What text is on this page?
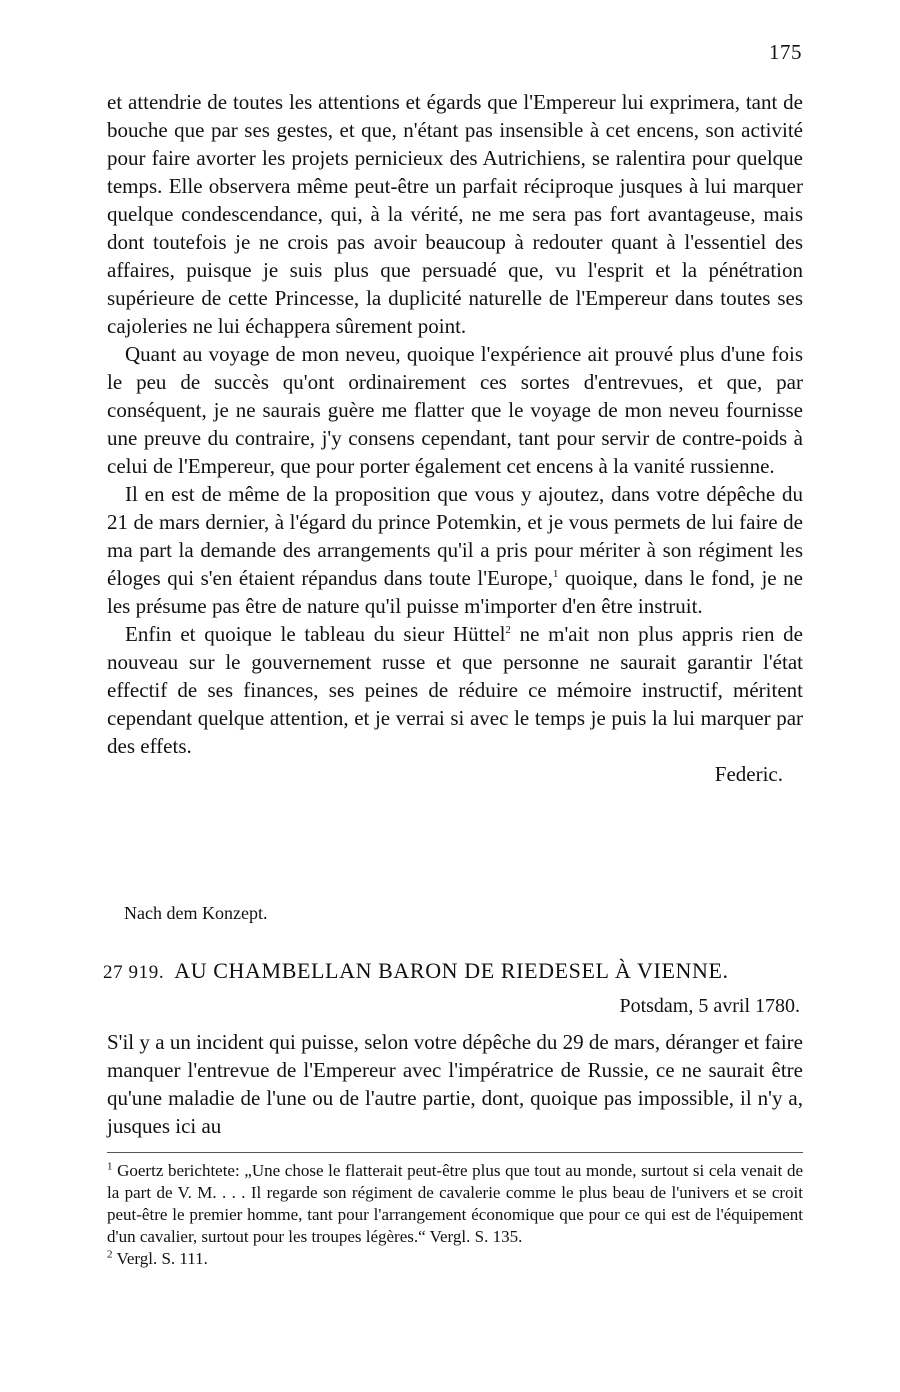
175

et attendrie de toutes les attentions et égards que l'Empereur lui exprimera, tant de bouche que par ses gestes, et que, n'étant pas insensible à cet encens, son activité pour faire avorter les projets pernicieux des Autrichiens, se ralentira pour quelque temps. Elle observera même peut-être un parfait réciproque jusques à lui marquer quelque condescendance, qui, à la vérité, ne me sera pas fort avantageuse, mais dont toutefois je ne crois pas avoir beaucoup à redouter quant à l'essentiel des affaires, puisque je suis plus que persuadé que, vu l'esprit et la pénétration supérieure de cette Princesse, la duplicité naturelle de l'Empereur dans toutes ses cajoleries ne lui échappera sûrement point.

Quant au voyage de mon neveu, quoique l'expérience ait prouvé plus d'une fois le peu de succès qu'ont ordinairement ces sortes d'entrevues, et que, par conséquent, je ne saurais guère me flatter que le voyage de mon neveu fournisse une preuve du contraire, j'y consens cependant, tant pour servir de contre-poids à celui de l'Empereur, que pour porter également cet encens à la vanité russienne.

Il en est de même de la proposition que vous y ajoutez, dans votre dépêche du 21 de mars dernier, à l'égard du prince Potemkin, et je vous permets de lui faire de ma part la demande des arrangements qu'il a pris pour mériter à son régiment les éloges qui s'en étaient répandus dans toute l'Europe,$^1$ quoique, dans le fond, je ne les présume pas être de nature qu'il puisse m'importer d'en être instruit.

Enfin et quoique le tableau du sieur Hüttel$^2$ ne m'ait non plus appris rien de nouveau sur le gouvernement russe et que personne ne saurait garantir l'état effectif de ses finances, ses peines de réduire ce mémoire instructif, méritent cependant quelque attention, et je verrai si avec le temps je puis la lui marquer par des effets.

Federic.

Nach dem Konzept.
27 919. AU CHAMBELLAN BARON DE RIEDESEL À VIENNE.
Potsdam, 5 avril 1780.
S'il y a un incident qui puisse, selon votre dépêche du 29 de mars, déranger et faire manquer l'entrevue de l'Empereur avec l'impératrice de Russie, ce ne saurait être qu'une maladie de l'une ou de l'autre partie, dont, quoique pas impossible, il n'y a, jusques ici au

$^1$ Goertz berichtete: „Une chose le flatterait peut-être plus que tout au monde, surtout si cela venait de la part de V. M. . . . Il regarde son régiment de cavalerie comme le plus beau de l'univers et se croit peut-être le premier homme, tant pour l'arrangement économique que pour ce qui est de l'équipement d'un cavalier, surtout pour les troupes légères.“ Vergl. S. 135.

$^2$ Vergl. S. 111.
